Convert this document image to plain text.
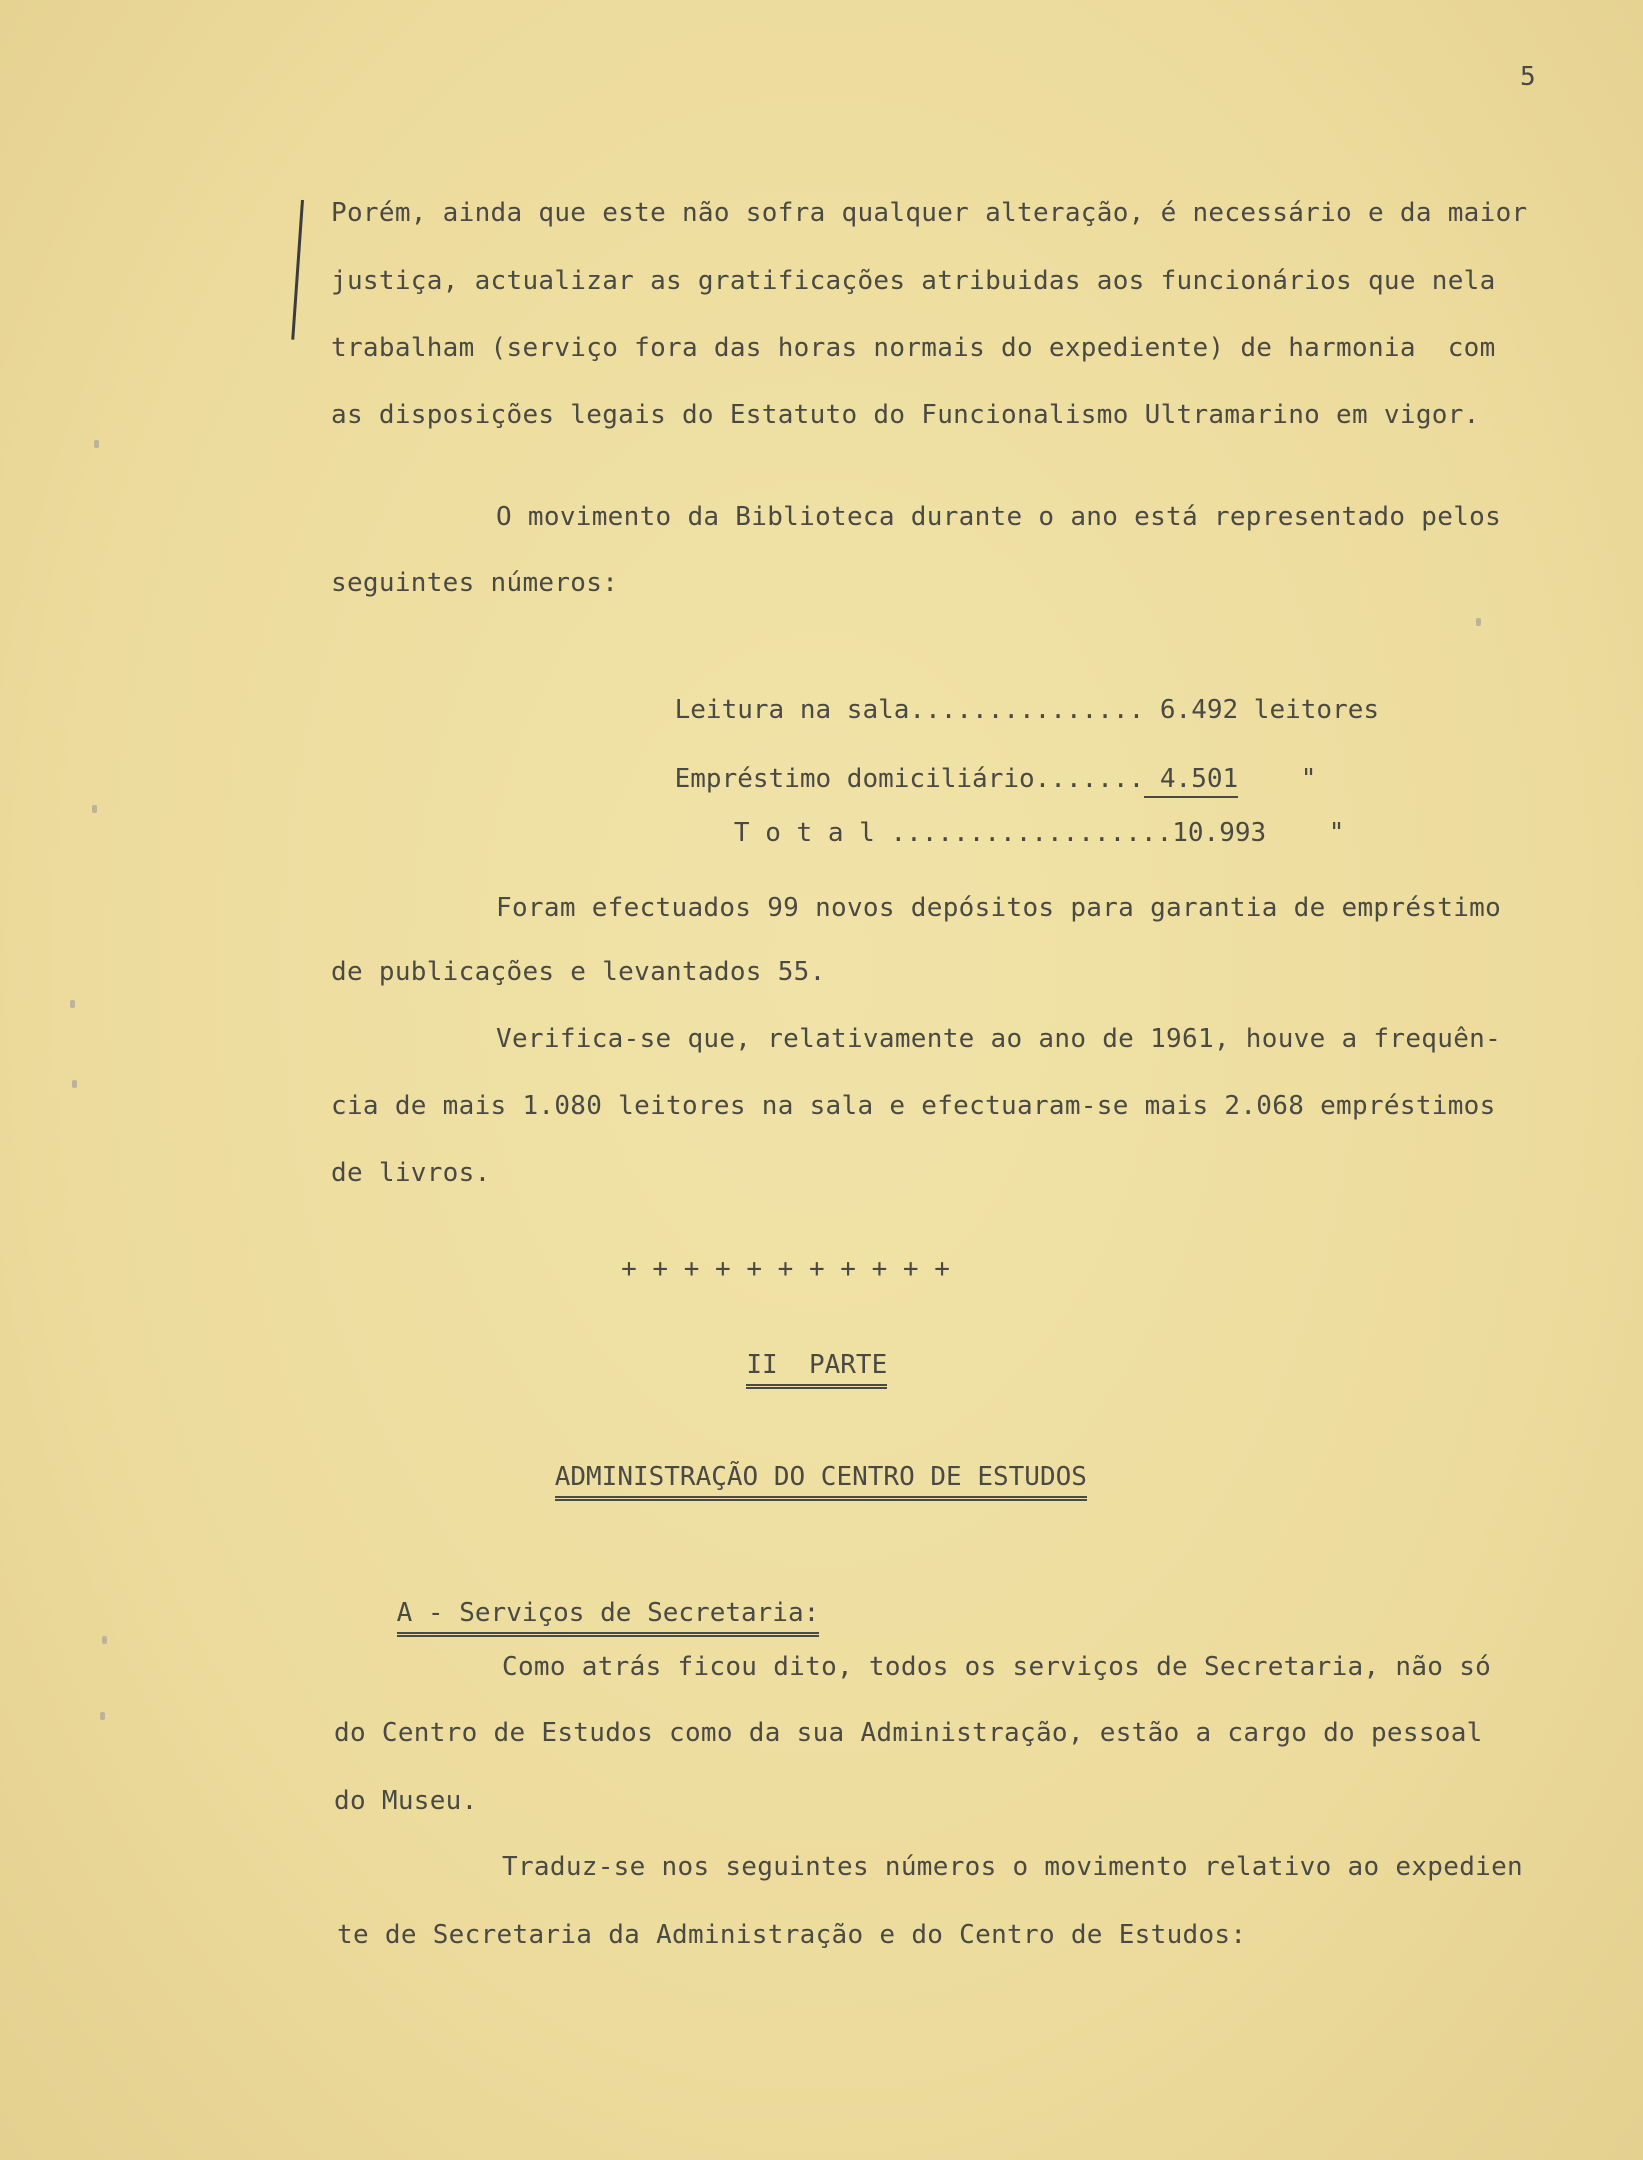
5
Porém, ainda que este não sofra qualquer alteração, é necessário e da maior
justiça, actualizar as gratificações atribuidas aos funcionários que nela
trabalham (serviço fora das horas normais do expediente) de harmonia  com
as disposições legais do Estatuto do Funcionalismo Ultramarino em vigor.
O movimento da Biblioteca durante o ano está representado pelos
seguintes números:

Leitura na sala............... 6.492 leitores

Empréstimo domiciliário....... 4.501    "

T o t a l ..................10.993    "

Foram efectuados 99 novos depósitos para garantia de empréstimo
de publicações e levantados 55.
Verifica-se que, relativamente ao ano de 1961, houve a frequên-
cia de mais 1.080 leitores na sala e efectuaram-se mais 2.068 empréstimos
de livros.
+ + + + + + + + + + +

II  PARTE

ADMINISTRAÇÃO DO CENTRO DE ESTUDOS

A - Serviços de Secretaria:

Como atrás ficou dito, todos os serviços de Secretaria, não só
do Centro de Estudos como da sua Administração, estão a cargo do pessoal
do Museu.
Traduz-se nos seguintes números o movimento relativo ao expedien
te de Secretaria da Administração e do Centro de Estudos:
